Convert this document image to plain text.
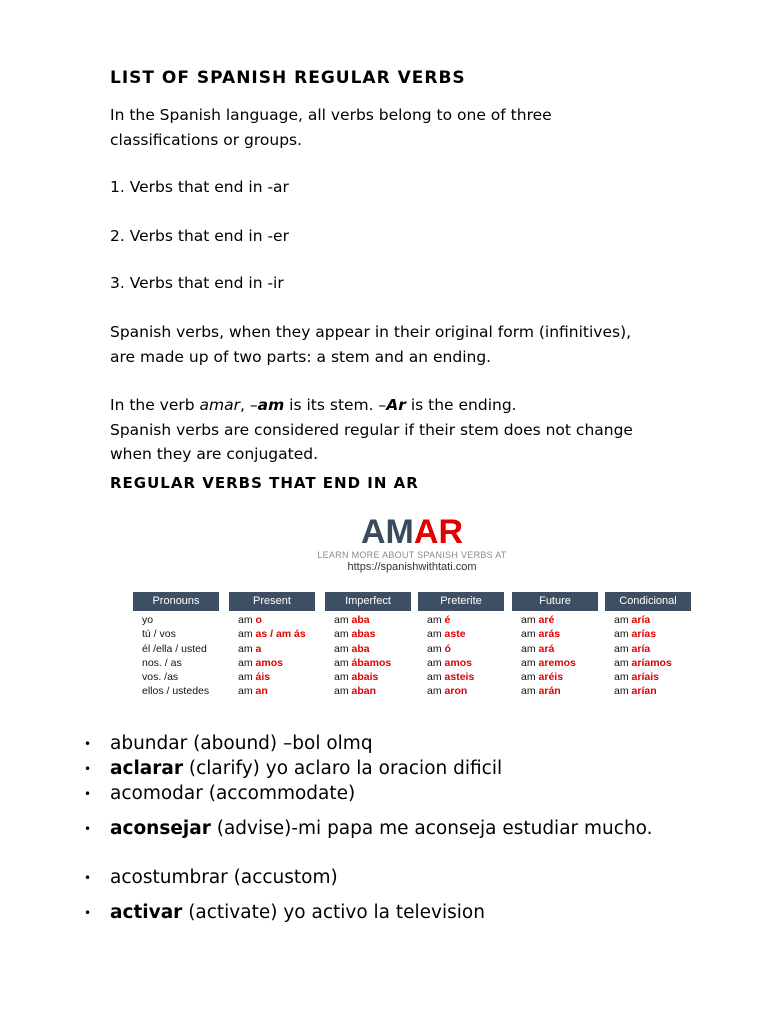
LIST OF SPANISH REGULAR VERBS
In the Spanish language, all verbs belong to one of three
classifications or groups.
1. Verbs that end in -ar
2. Verbs that end in -er
3. Verbs that end in -ir
Spanish verbs, when they appear in their original form (infinitives),
are made up of two parts: a stem and an ending.
In the verb amar, –am is its stem. –Ar is the ending.
Spanish verbs are considered regular if their stem does not change
when they are conjugated.
REGULAR VERBS THAT END IN AR
AMAR
LEARN MORE ABOUT SPANISH VERBS AT
https://spanishwithtati.com
Pronouns
yo
tú / vos
él /ella / usted
nos. / as
vos. /as
ellos / ustedes
Present
am o
am as / am ás
am a
am amos
am áis
am an
Imperfect
am aba
am abas
am aba
am ábamos
am abais
am aban
Preterite
am é
am aste
am ó
am amos
am asteis
am aron
Future
am aré
am arás
am ará
am aremos
am aréis
am arán
Condicional
am aría
am arías
am aría
am aríamos
am aríais
am arían
• abundar (abound) –bol olmq
• aclarar (clarify) yo aclaro la oracion dificil
• acomodar (accommodate)
• aconsejar (advise)-mi papa me aconseja estudiar mucho.
• acostumbrar (accustom)
• activar (activate) yo activo la television
